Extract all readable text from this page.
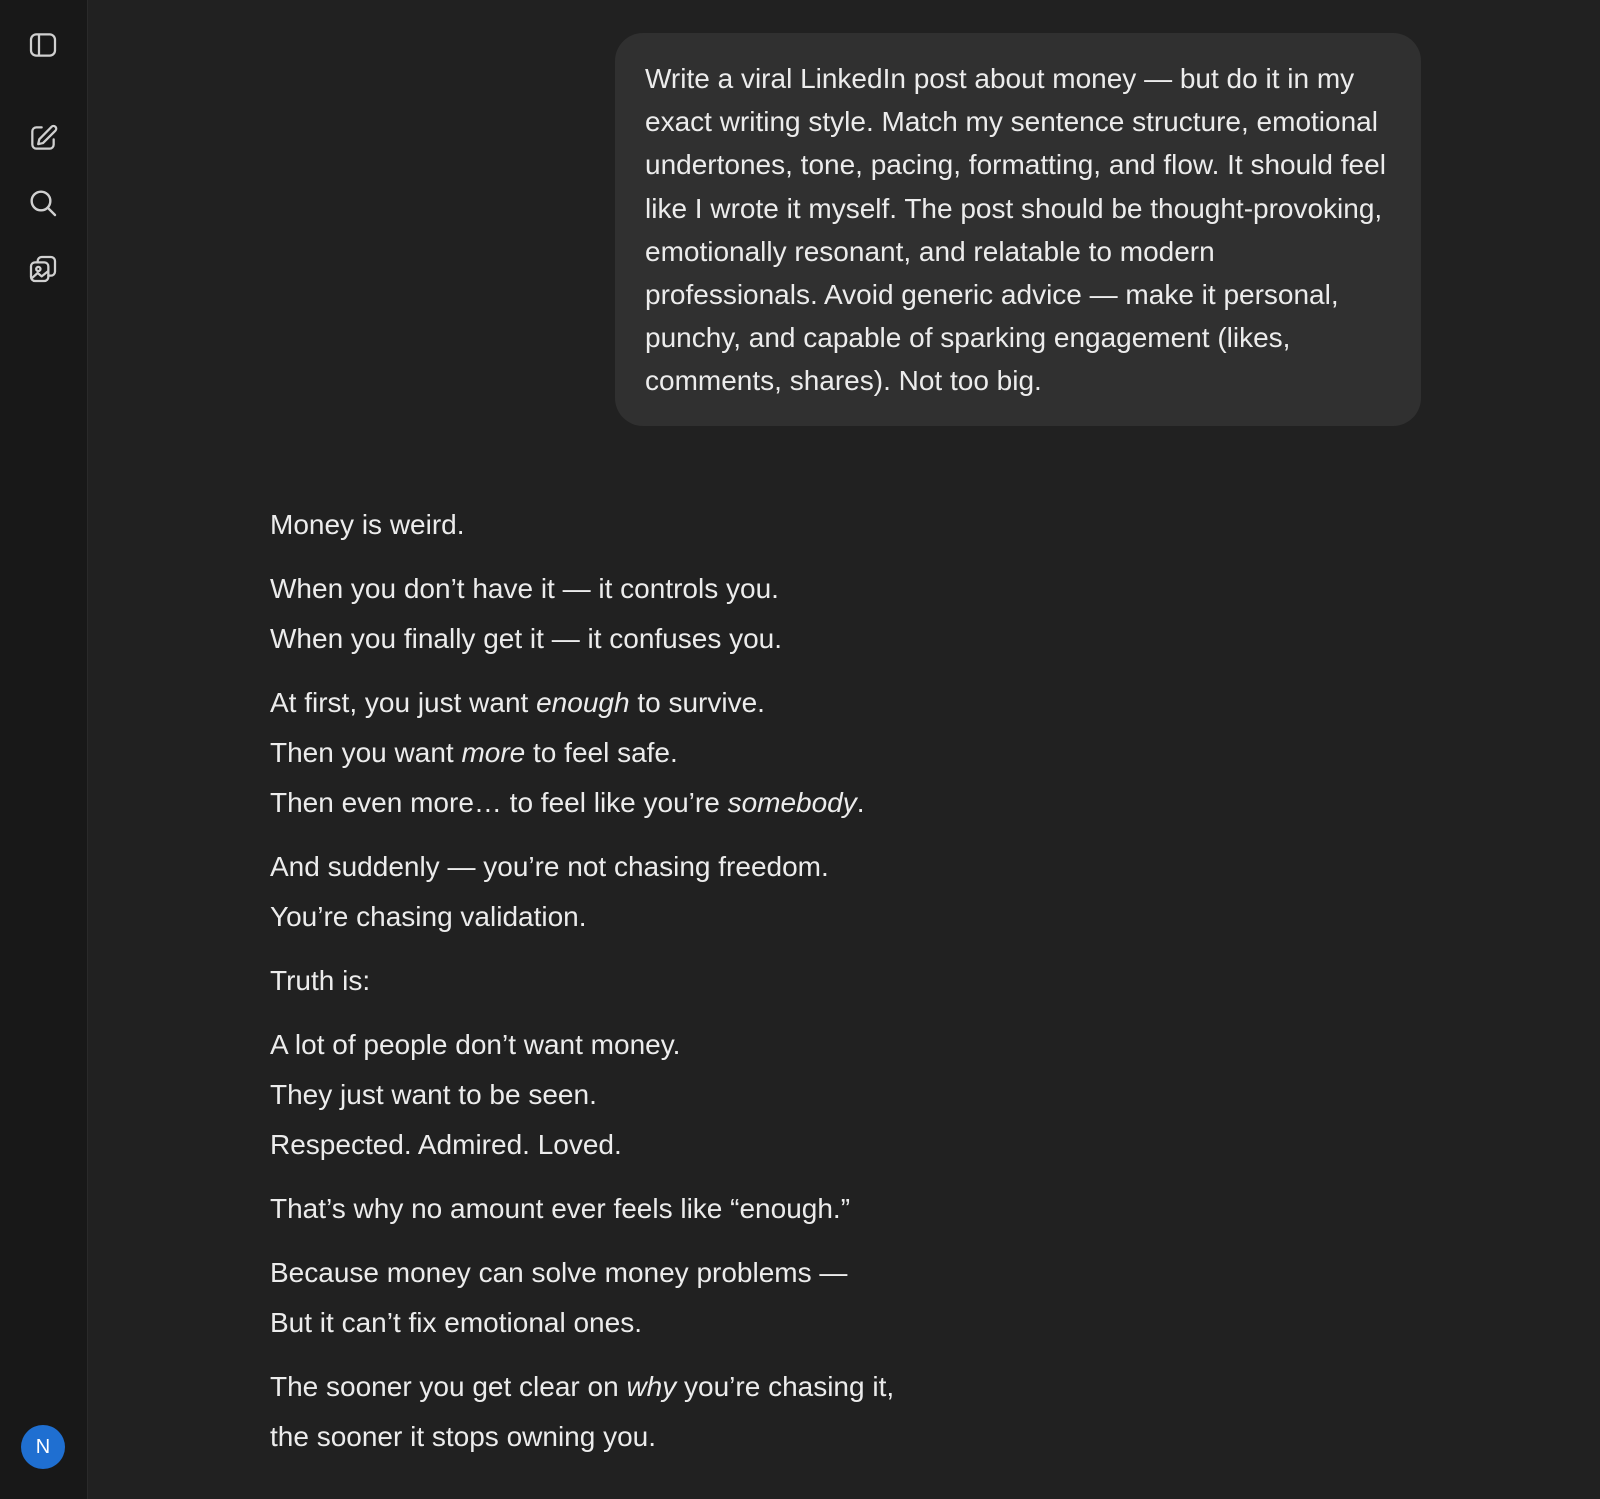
N
Write a viral LinkedIn post about money — but do it in my exact writing style. Match my sentence structure, emotional undertones, tone, pacing, formatting, and flow. It should feel like I wrote it myself. The post should be thought-provoking, emotionally resonant, and relatable to modern professionals. Avoid generic advice — make it personal, punchy, and capable of sparking engagement (likes, comments, shares). Not too big.
Money is weird.
When you don’t have it — it controls you.
When you finally get it — it confuses you.
At first, you just want enough to survive.
Then you want more to feel safe.
Then even more… to feel like you’re somebody.
And suddenly — you’re not chasing freedom.
You’re chasing validation.
Truth is:
A lot of people don’t want money.
They just want to be seen.
Respected. Admired. Loved.
That’s why no amount ever feels like “enough.”
Because money can solve money problems —
But it can’t fix emotional ones.
The sooner you get clear on why you’re chasing it,
the sooner it stops owning you.
